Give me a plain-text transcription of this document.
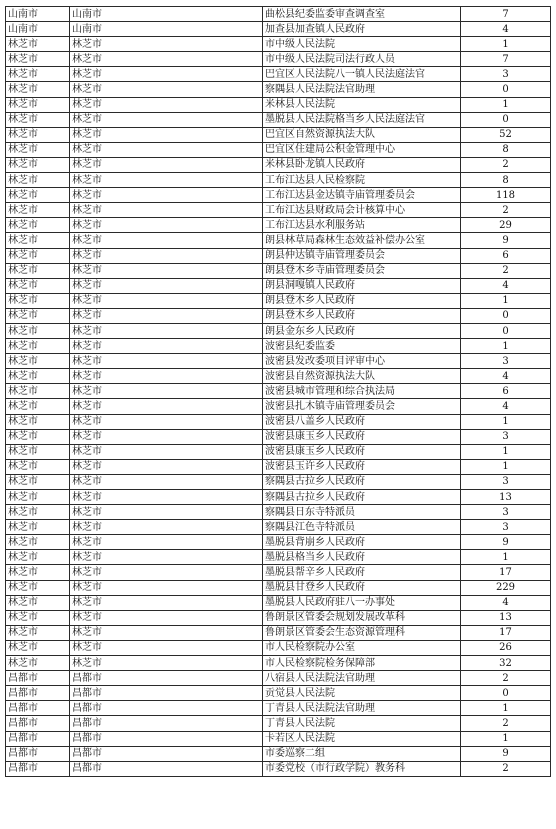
山南市	山南市	曲松县纪委监委审查调查室	7
山南市	山南市	加查县加查镇人民政府	4
林芝市	林芝市	市中级人民法院	1
林芝市	林芝市	市中级人民法院司法行政人员	7
林芝市	林芝市	巴宜区人民法院八一镇人民法庭法官	3
林芝市	林芝市	察隅县人民法院法官助理	0
林芝市	林芝市	米林县人民法院	1
林芝市	林芝市	墨脱县人民法院格当乡人民法庭法官	0
林芝市	林芝市	巴宜区自然资源执法大队	52
林芝市	林芝市	巴宜区住建局公积金管理中心	8
林芝市	林芝市	米林县卧龙镇人民政府	2
林芝市	林芝市	工布江达县人民检察院	8
林芝市	林芝市	工布江达县金达镇寺庙管理委员会	118
林芝市	林芝市	工布江达县财政局会计核算中心	2
林芝市	林芝市	工布江达县水利服务站	29
林芝市	林芝市	朗县林草局森林生态效益补偿办公室	9
林芝市	林芝市	朗县仲达镇寺庙管理委员会	6
林芝市	林芝市	朗县登木乡寺庙管理委员会	2
林芝市	林芝市	朗县洞嘎镇人民政府	4
林芝市	林芝市	朗县登木乡人民政府	1
林芝市	林芝市	朗县登木乡人民政府	0
林芝市	林芝市	朗县金东乡人民政府	0
林芝市	林芝市	波密县纪委监委	1
林芝市	林芝市	波密县发改委项目评审中心	3
林芝市	林芝市	波密县自然资源执法大队	4
林芝市	林芝市	波密县城市管理和综合执法局	6
林芝市	林芝市	波密县扎木镇寺庙管理委员会	4
林芝市	林芝市	波密县八盖乡人民政府	1
林芝市	林芝市	波密县康玉乡人民政府	3
林芝市	林芝市	波密县康玉乡人民政府	1
林芝市	林芝市	波密县玉许乡人民政府	1
林芝市	林芝市	察隅县古拉乡人民政府	3
林芝市	林芝市	察隅县古拉乡人民政府	13
林芝市	林芝市	察隅县日东寺特派员	3
林芝市	林芝市	察隅县江色寺特派员	3
林芝市	林芝市	墨脱县背崩乡人民政府	9
林芝市	林芝市	墨脱县格当乡人民政府	1
林芝市	林芝市	墨脱县帮辛乡人民政府	17
林芝市	林芝市	墨脱县甘登乡人民政府	229
林芝市	林芝市	墨脱县人民政府驻八一办事处	4
林芝市	林芝市	鲁朗景区管委会规划发展改革科	13
林芝市	林芝市	鲁朗景区管委会生态资源管理科	17
林芝市	林芝市	市人民检察院办公室	26
林芝市	林芝市	市人民检察院检务保障部	32
昌都市	昌都市	八宿县人民法院法官助理	2
昌都市	昌都市	贡觉县人民法院	0
昌都市	昌都市	丁青县人民法院法官助理	1
昌都市	昌都市	丁青县人民法院	2
昌都市	昌都市	卡若区人民法院	1
昌都市	昌都市	市委巡察二组	9
昌都市	昌都市	市委党校（市行政学院）教务科	2
